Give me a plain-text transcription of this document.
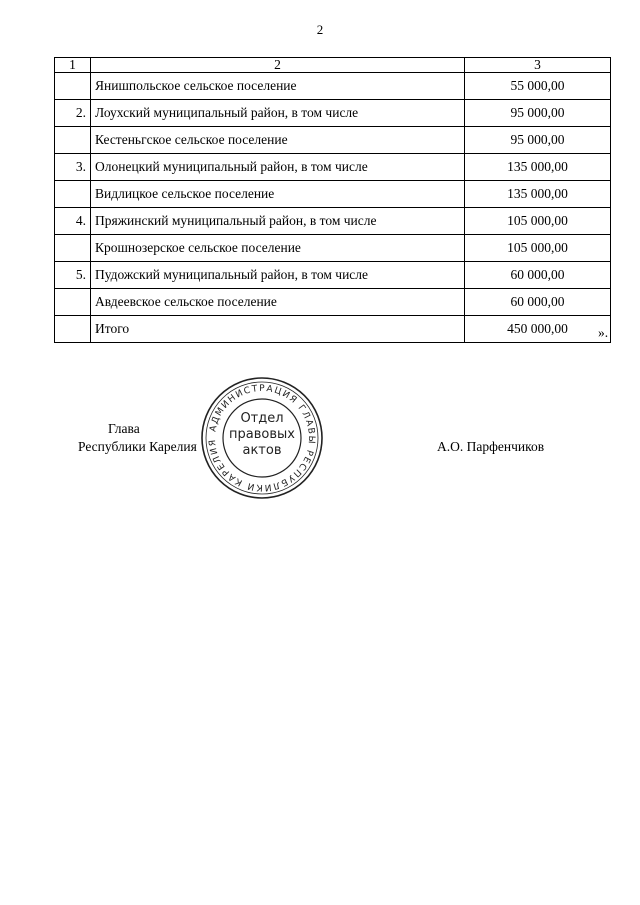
2
1	2	3
	Янишпольское сельское поселение	55 000,00
2.	Лоухский муниципальный район, в том числе	95 000,00
	Кестеньгское сельское поселение	95 000,00
3.	Олонецкий муниципальный район, в том числе	135 000,00
	Видлицкое сельское поселение	135 000,00
4.	Пряжинский муниципальный район, в том числе	105 000,00
	Крошнозерское сельское поселение	105 000,00
5.	Пудожский муниципальный район, в том числе	60 000,00
	Авдеевское сельское поселение	60 000,00
	Итого	450 000,00 ».
Глава
Республики Карелия	А.О. Парфенчиков
АДМИНИСТРАЦИЯ ГЛАВЫ РЕСПУБЛИКИ КАРЕЛИЯ
Отдел
правовых
актов
